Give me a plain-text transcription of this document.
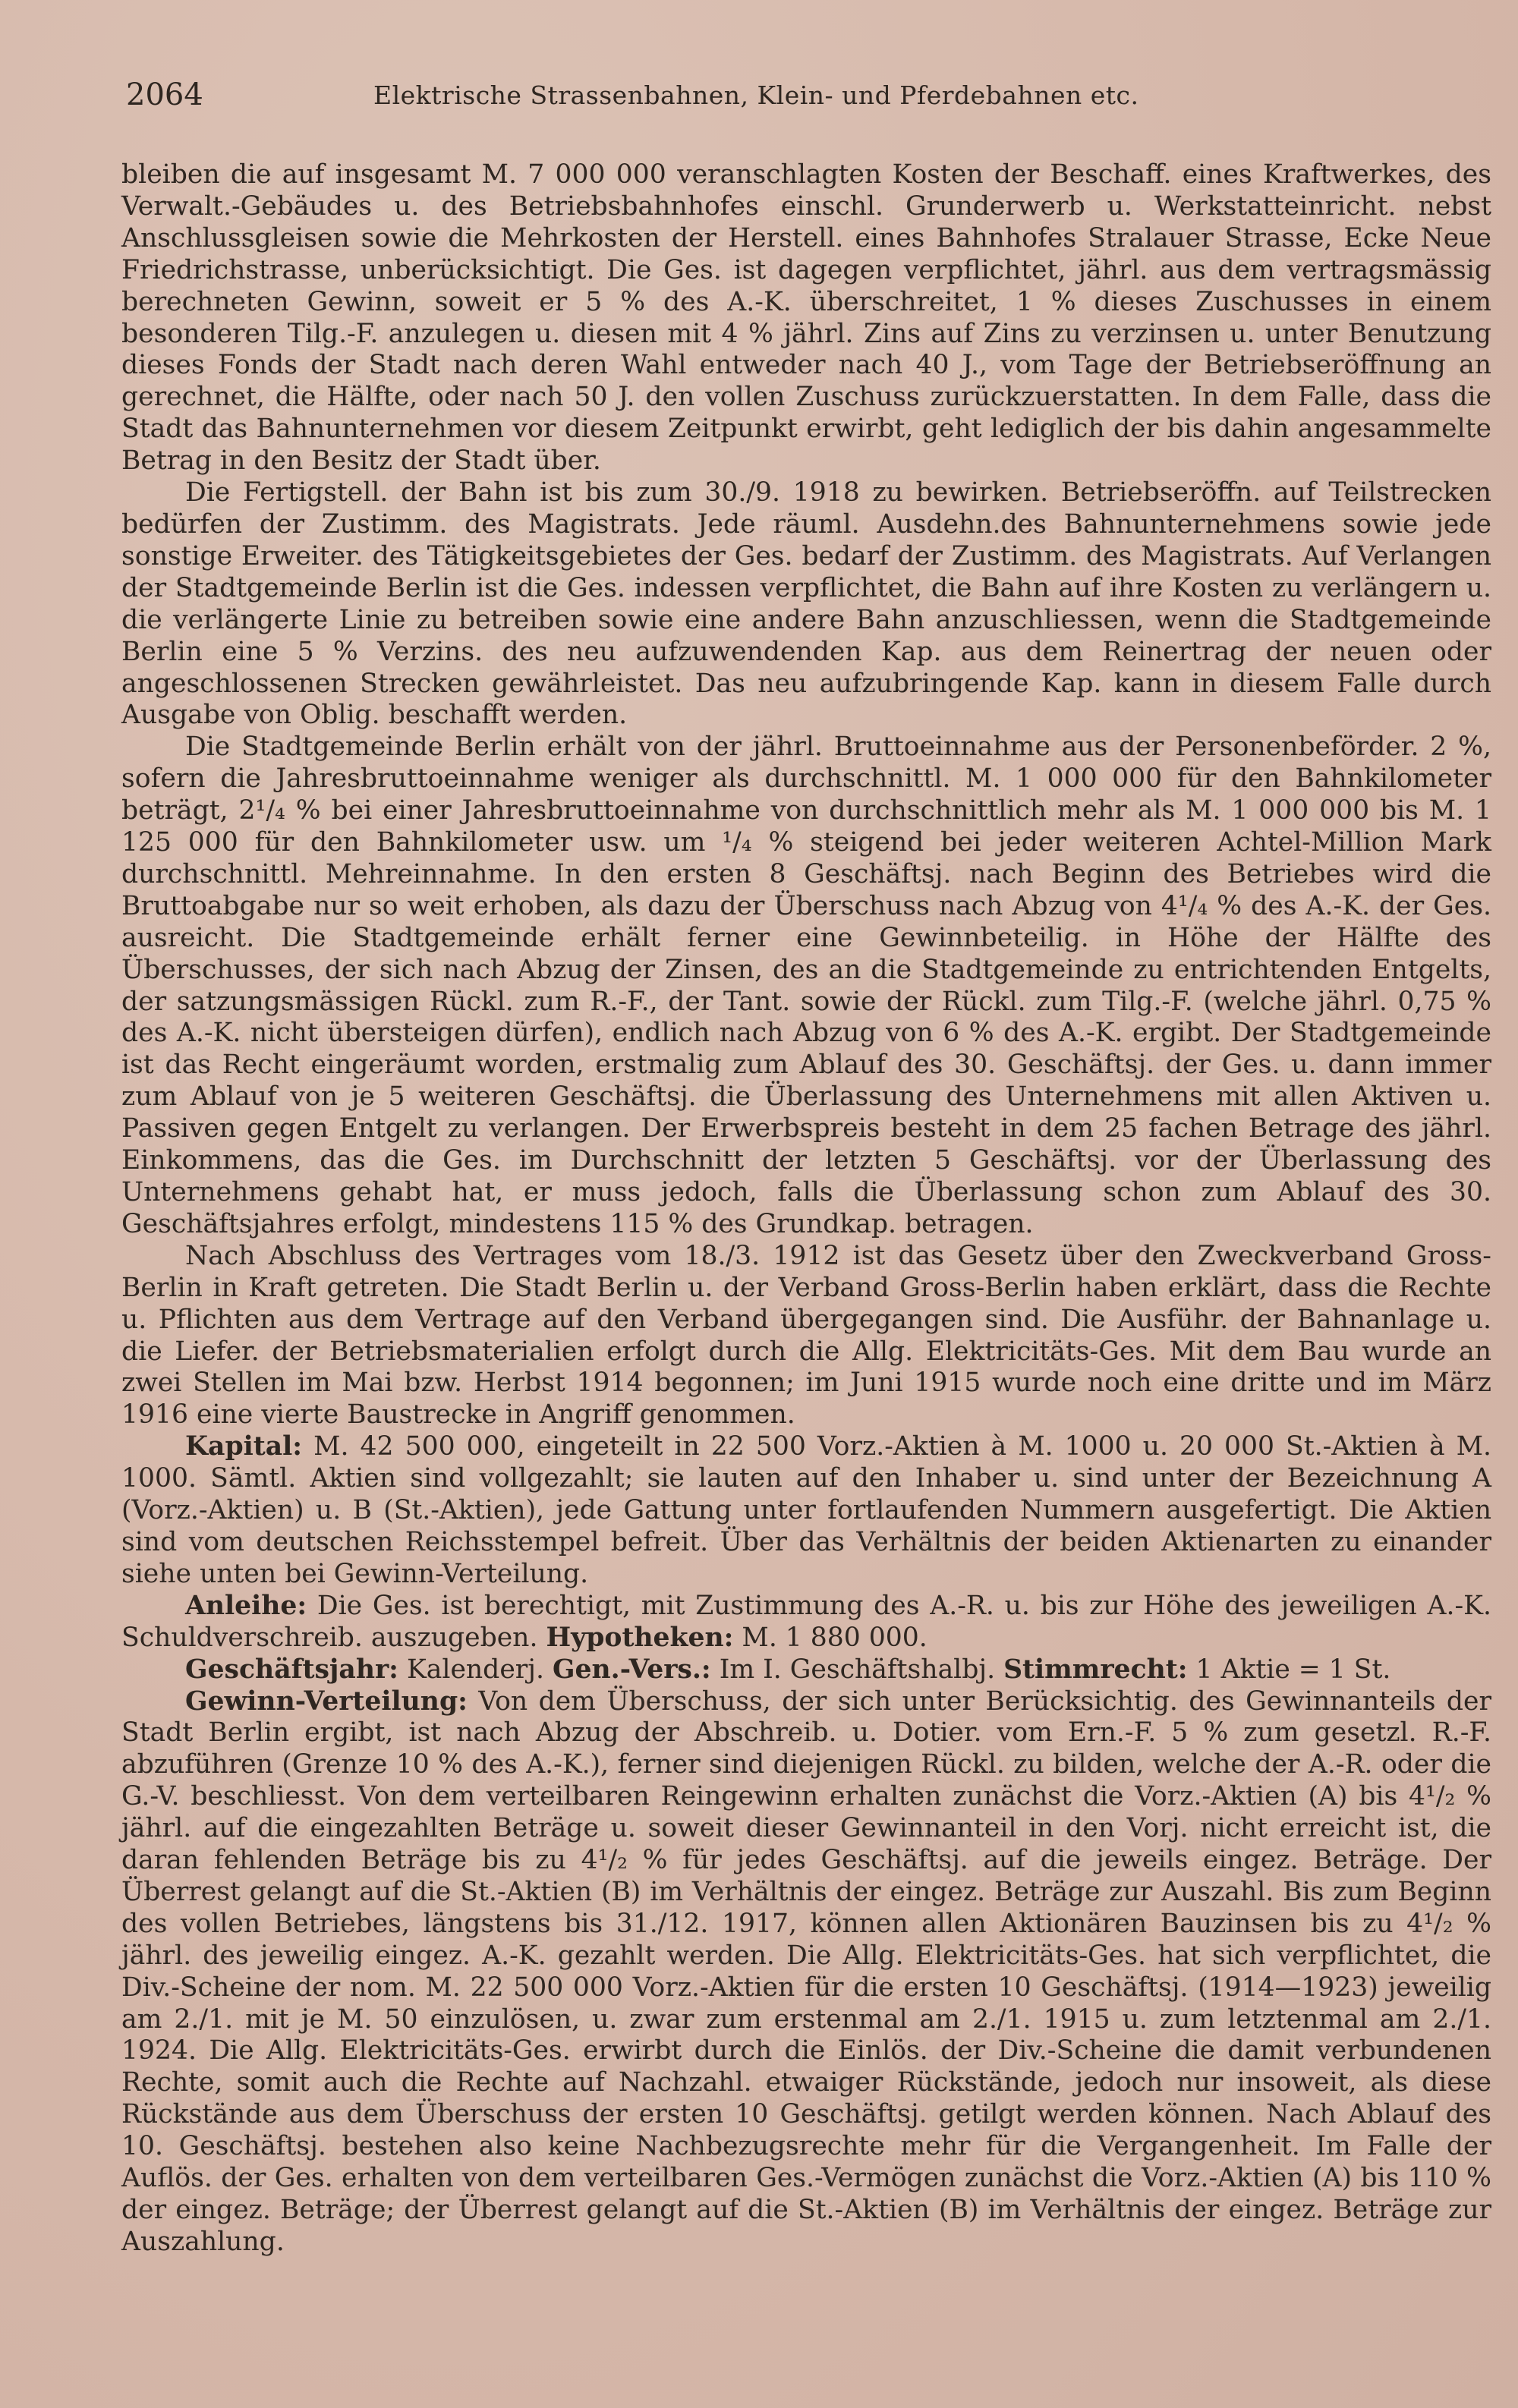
2064	Elektrische Strassenbahnen, Klein- und Pferdebahnen etc.

bleiben die auf insgesamt M. 7 000 000 veranschlagten Kosten der Beschaff. eines Kraftwerkes, des Verwalt.-Gebäudes u. des Betriebsbahnhofes einschl. Grunderwerb u. Werkstatteinricht. nebst Anschlussgleisen sowie die Mehrkosten der Herstell. eines Bahnhofes Stralauer Strasse, Ecke Neue Friedrichstrasse, unberücksichtigt. Die Ges. ist dagegen verpflichtet, jährl. aus dem vertragsmässig berechneten Gewinn, soweit er 5 % des A.-K. überschreitet, 1 % dieses Zuschusses in einem besonderen Tilg.-F. anzulegen u. diesen mit 4 % jährl. Zins auf Zins zu verzinsen u. unter Benutzung dieses Fonds der Stadt nach deren Wahl entweder nach 40 J., vom Tage der Betriebseröffnung an gerechnet, die Hälfte, oder nach 50 J. den vollen Zuschuss zurückzuerstatten. In dem Falle, dass die Stadt das Bahnunternehmen vor diesem Zeitpunkt erwirbt, geht lediglich der bis dahin angesammelte Betrag in den Besitz der Stadt über.

Die Fertigstell. der Bahn ist bis zum 30./9. 1918 zu bewirken. Betriebseröffn. auf Teilstrecken bedürfen der Zustimm. des Magistrats. Jede räuml. Ausdehn.des Bahnunternehmens sowie jede sonstige Erweiter. des Tätigkeitsgebietes der Ges. bedarf der Zustimm. des Magistrats. Auf Verlangen der Stadtgemeinde Berlin ist die Ges. indessen verpflichtet, die Bahn auf ihre Kosten zu verlängern u. die verlängerte Linie zu betreiben sowie eine andere Bahn anzuschliessen, wenn die Stadtgemeinde Berlin eine 5 % Verzins. des neu aufzuwendenden Kap. aus dem Reinertrag der neuen oder angeschlossenen Strecken gewährleistet. Das neu aufzubringende Kap. kann in diesem Falle durch Ausgabe von Oblig. beschafft werden.

Die Stadtgemeinde Berlin erhält von der jährl. Bruttoeinnahme aus der Personenbeförder. 2 %, sofern die Jahresbruttoeinnahme weniger als durchschnittl. M. 1 000 000 für den Bahnkilometer beträgt, 2¹/₄ % bei einer Jahresbruttoeinnahme von durchschnittlich mehr als M. 1 000 000 bis M. 1 125 000 für den Bahnkilometer usw. um ¹/₄ % steigend bei jeder weiteren Achtel-Million Mark durchschnittl. Mehreinnahme. In den ersten 8 Geschäftsj. nach Beginn des Betriebes wird die Bruttoabgabe nur so weit erhoben, als dazu der Überschuss nach Abzug von 4¹/₄ % des A.-K. der Ges. ausreicht. Die Stadtgemeinde erhält ferner eine Gewinnbeteilig. in Höhe der Hälfte des Überschusses, der sich nach Abzug der Zinsen, des an die Stadtgemeinde zu entrichtenden Entgelts, der satzungsmässigen Rückl. zum R.-F., der Tant. sowie der Rückl. zum Tilg.-F. (welche jährl. 0,75 % des A.-K. nicht übersteigen dürfen), endlich nach Abzug von 6 % des A.-K. ergibt. Der Stadtgemeinde ist das Recht eingeräumt worden, erstmalig zum Ablauf des 30. Geschäftsj. der Ges. u. dann immer zum Ablauf von je 5 weiteren Geschäftsj. die Überlassung des Unternehmens mit allen Aktiven u. Passiven gegen Entgelt zu verlangen. Der Erwerbspreis besteht in dem 25 fachen Betrage des jährl. Einkommens, das die Ges. im Durchschnitt der letzten 5 Geschäftsj. vor der Überlassung des Unternehmens gehabt hat, er muss jedoch, falls die Überlassung schon zum Ablauf des 30. Geschäftsjahres erfolgt, mindestens 115 % des Grundkap. betragen.

Nach Abschluss des Vertrages vom 18./3. 1912 ist das Gesetz über den Zweckverband Gross-Berlin in Kraft getreten. Die Stadt Berlin u. der Verband Gross-Berlin haben erklärt, dass die Rechte u. Pflichten aus dem Vertrage auf den Verband übergegangen sind. Die Ausführ. der Bahnanlage u. die Liefer. der Betriebsmaterialien erfolgt durch die Allg. Elektricitäts-Ges. Mit dem Bau wurde an zwei Stellen im Mai bzw. Herbst 1914 begonnen; im Juni 1915 wurde noch eine dritte und im März 1916 eine vierte Baustrecke in Angriff genommen.

Kapital: M. 42 500 000, eingeteilt in 22 500 Vorz.-Aktien à M. 1000 u. 20 000 St.-Aktien à M. 1000. Sämtl. Aktien sind vollgezahlt; sie lauten auf den Inhaber u. sind unter der Bezeichnung A (Vorz.-Aktien) u. B (St.-Aktien), jede Gattung unter fortlaufenden Nummern ausgefertigt. Die Aktien sind vom deutschen Reichsstempel befreit. Über das Verhältnis der beiden Aktienarten zu einander siehe unten bei Gewinn-Verteilung.

Anleihe: Die Ges. ist berechtigt, mit Zustimmung des A.-R. u. bis zur Höhe des jeweiligen A.-K. Schuldverschreib. auszugeben. Hypotheken: M. 1 880 000.

Geschäftsjahr: Kalenderj. Gen.-Vers.: Im I. Geschäftshalbj. Stimmrecht: 1 Aktie = 1 St.

Gewinn-Verteilung: Von dem Überschuss, der sich unter Berücksichtig. des Gewinnanteils der Stadt Berlin ergibt, ist nach Abzug der Abschreib. u. Dotier. vom Ern.-F. 5 % zum gesetzl. R.-F. abzuführen (Grenze 10 % des A.-K.), ferner sind diejenigen Rückl. zu bilden, welche der A.-R. oder die G.-V. beschliesst. Von dem verteilbaren Reingewinn erhalten zunächst die Vorz.-Aktien (A) bis 4¹/₂ % jährl. auf die eingezahlten Beträge u. soweit dieser Gewinnanteil in den Vorj. nicht erreicht ist, die daran fehlenden Beträge bis zu 4¹/₂ % für jedes Geschäftsj. auf die jeweils eingez. Beträge. Der Überrest gelangt auf die St.-Aktien (B) im Verhältnis der eingez. Beträge zur Auszahl. Bis zum Beginn des vollen Betriebes, längstens bis 31./12. 1917, können allen Aktionären Bauzinsen bis zu 4¹/₂ % jährl. des jeweilig eingez. A.-K. gezahlt werden. Die Allg. Elektricitäts-Ges. hat sich verpflichtet, die Div.-Scheine der nom. M. 22 500 000 Vorz.-Aktien für die ersten 10 Geschäftsj. (1914—1923) jeweilig am 2./1. mit je M. 50 einzulösen, u. zwar zum erstenmal am 2./1. 1915 u. zum letztenmal am 2./1. 1924. Die Allg. Elektricitäts-Ges. erwirbt durch die Einlös. der Div.-Scheine die damit verbundenen Rechte, somit auch die Rechte auf Nachzahl. etwaiger Rückstände, jedoch nur insoweit, als diese Rückstände aus dem Überschuss der ersten 10 Geschäftsj. getilgt werden können. Nach Ablauf des 10. Geschäftsj. bestehen also keine Nachbezugsrechte mehr für die Vergangenheit. Im Falle der Auflös. der Ges. erhalten von dem verteilbaren Ges.-Vermögen zunächst die Vorz.-Aktien (A) bis 110 % der eingez. Beträge; der Überrest gelangt auf die St.-Aktien (B) im Verhältnis der eingez. Beträge zur Auszahlung.
